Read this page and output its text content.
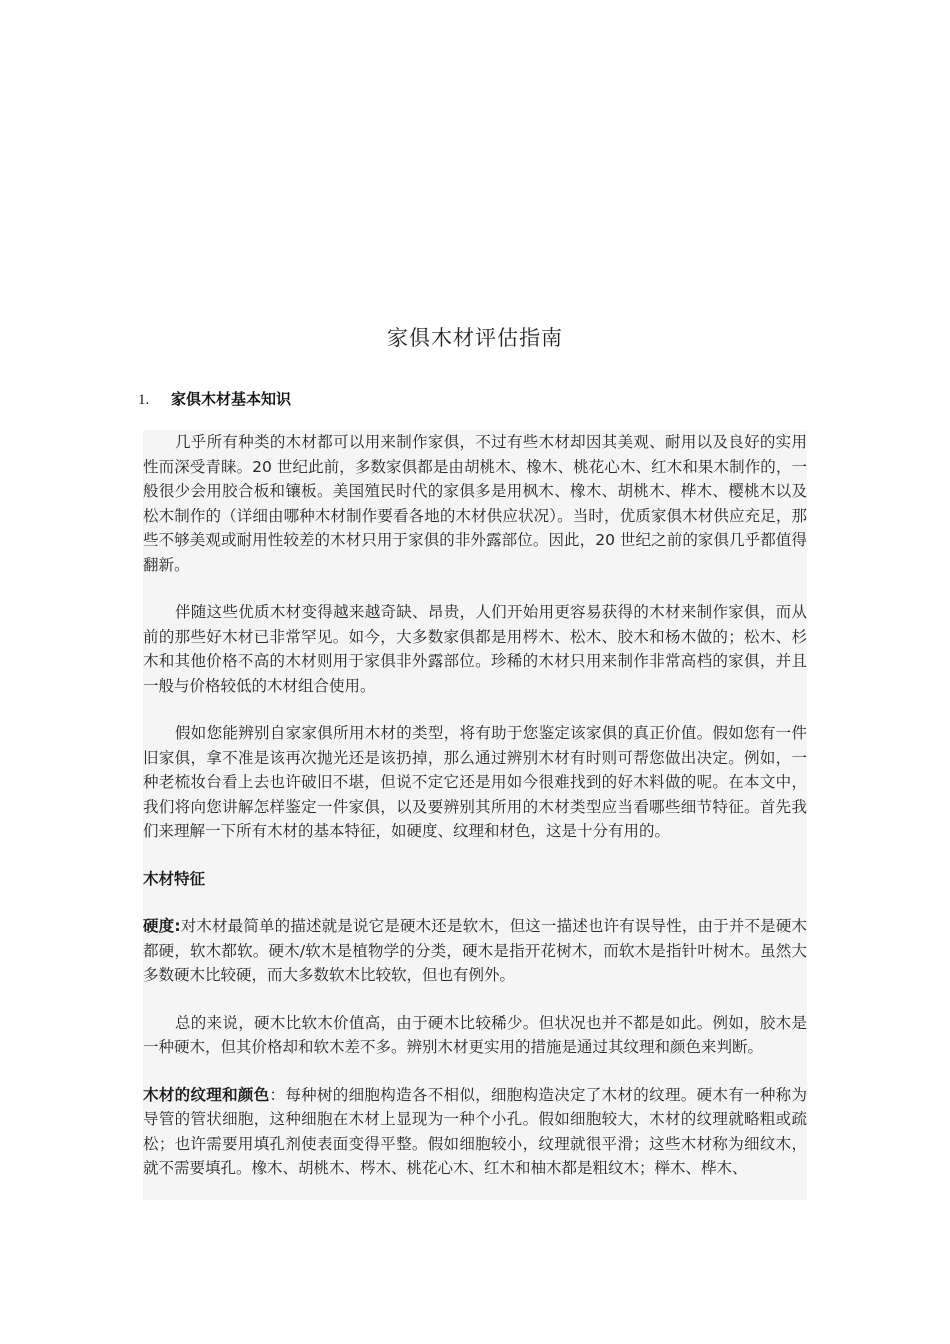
家俱木材评估指南
1. 家俱木材基本知识

几乎所有种类的木材都可以用来制作家俱，不过有些木材却因其美观、耐用以及良好的实用性而深受青睐。20 世纪此前，多数家俱都是由胡桃木、橡木、桃花心木、红木和果木制作的，一般很少会用胶合板和镶板。美国殖民时代的家俱多是用枫木、橡木、胡桃木、桦木、樱桃木以及松木制作的（详细由哪种木材制作要看各地的木材供应状况）。当时，优质家俱木材供应充足，那些不够美观或耐用性较差的木材只用于家俱的非外露部位。因此，20 世纪之前的家俱几乎都值得翻新。

伴随这些优质木材变得越来越奇缺、昂贵，人们开始用更容易获得的木材来制作家俱，而从前的那些好木材已非常罕见。如今，大多数家俱都是用梣木、松木、胶木和杨木做的；松木、杉木和其他价格不高的木材则用于家俱非外露部位。珍稀的木材只用来制作非常高档的家俱，并且一般与价格较低的木材组合使用。

假如您能辨别自家家俱所用木材的类型，将有助于您鉴定该家俱的真正价值。假如您有一件旧家俱，拿不准是该再次抛光还是该扔掉，那么通过辨别木材有时则可帮您做出决定。例如，一种老梳妆台看上去也许破旧不堪，但说不定它还是用如今很难找到的好木料做的呢。在本文中，我们将向您讲解怎样鉴定一件家俱，以及要辨别其所用的木材类型应当看哪些细节特征。首先我们来理解一下所有木材的基本特征，如硬度、纹理和材色，这是十分有用的。

木材特征

硬度:对木材最简单的描述就是说它是硬木还是软木，但这一描述也许有误导性，由于并不是硬木都硬，软木都软。硬木/软木是植物学的分类，硬木是指开花树木，而软木是指针叶树木。虽然大多数硬木比较硬，而大多数软木比较软，但也有例外。

总的来说，硬木比软木价值高，由于硬木比较稀少。但状况也并不都是如此。例如，胶木是一种硬木，但其价格却和软木差不多。辨别木材更实用的措施是通过其纹理和颜色来判断。

木材的纹理和颜色：每种树的细胞构造各不相似，细胞构造决定了木材的纹理。硬木有一种称为导管的管状细胞，这种细胞在木材上显现为一种个小孔。假如细胞较大，木材的纹理就略粗或疏松；也许需要用填孔剂使表面变得平整。假如细胞较小，纹理就很平滑；这些木材称为细纹木，就不需要填孔。橡木、胡桃木、梣木、桃花心木、红木和柚木都是粗纹木；榉木、桦木、
